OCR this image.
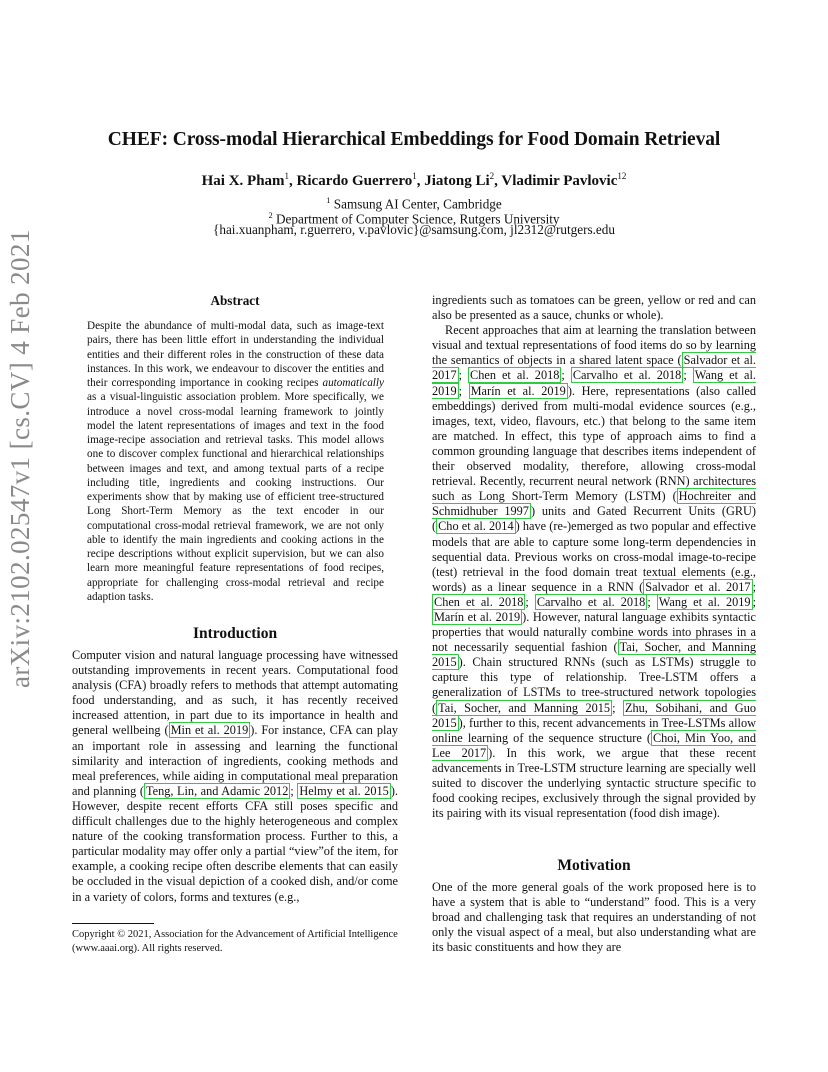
arXiv:2102.02547v1 [cs.CV] 4 Feb 2021
CHEF: Cross-modal Hierarchical Embeddings for Food Domain Retrieval
Hai X. Pham$^1$, Ricardo Guerrero$^1$, Jiatong Li$^2$, Vladimir Pavlovic$^{12}$
$^1$ Samsung AI Center, Cambridge
$^2$ Department of Computer Science, Rutgers University
{hai.xuanpham, r.guerrero, v.pavlovic}@samsung.com, jl2312@rutgers.edu
Abstract
Despite the abundance of multi-modal data, such as image-text pairs, there has been little effort in understanding the individual entities and their different roles in the construction of these data instances. In this work, we endeavour to discover the entities and their corresponding importance in cooking recipes automatically as a visual-linguistic association problem. More specifically, we introduce a novel cross-modal learning framework to jointly model the latent representations of images and text in the food image-recipe association and retrieval tasks. This model allows one to discover complex functional and hierarchical relationships between images and text, and among textual parts of a recipe including title, ingredients and cooking instructions. Our experiments show that by making use of efficient tree-structured Long Short-Term Memory as the text encoder in our computational cross-modal retrieval framework, we are not only able to identify the main ingredients and cooking actions in the recipe descriptions without explicit supervision, but we can also learn more meaningful feature representations of food recipes, appropriate for challenging cross-modal retrieval and recipe adaption tasks.
Introduction
Computer vision and natural language processing have witnessed outstanding improvements in recent years. Computational food analysis (CFA) broadly refers to methods that attempt automating food understanding, and as such, it has recently received increased attention, in part due to its importance in health and general wellbeing ( Min et al. 2019 ). For instance, CFA can play an important role in assessing and learning the functional similarity and interaction of ingredients, cooking methods and meal preferences, while aiding in computational meal preparation and planning ( Teng, Lin, and Adamic 2012 ; Helmy et al. 2015 ). However, despite recent efforts CFA still poses specific and difficult challenges due to the highly heterogeneous and complex nature of the cooking transformation process. Further to this, a particular modality may offer only a partial “view”of the item, for example, a cooking recipe often describe elements that can easily be occluded in the visual depiction of a cooked dish, and/or come in a variety of colors, forms and textures (e.g.,
Copyright © 2021, Association for the Advancement of Artificial Intelligence (www.aaai.org). All rights reserved.

ingredients such as tomatoes can be green, yellow or red and can also be presented as a sauce, chunks or whole).

Recent approaches that aim at learning the translation between visual and textual representations of food items do so by learning the semantics of objects in a shared latent space ( Salvador et al. 2017 ; Chen et al. 2018 ; Carvalho et al. 2018 ; Wang et al. 2019 ; Marín et al. 2019 ). Here, representations (also called embeddings) derived from multi-modal evidence sources (e.g., images, text, video, flavours, etc.) that belong to the same item are matched. In effect, this type of approach aims to find a common grounding language that describes items independent of their observed modality, therefore, allowing cross-modal retrieval. Recently, recurrent neural network (RNN) architectures such as Long Short-Term Memory (LSTM) ( Hochreiter and Schmidhuber 1997 ) units and Gated Recurrent Units (GRU) ( Cho et al. 2014 ) have (re-)emerged as two popular and effective models that are able to capture some long-term dependencies in sequential data. Previous works on cross-modal image-to-recipe (test) retrieval in the food domain treat textual elements (e.g., words) as a linear sequence in a RNN ( Salvador et al. 2017 ; Chen et al. 2018 ; Carvalho et al. 2018 ; Wang et al. 2019 ; Marín et al. 2019 ). However, natural language exhibits syntactic properties that would naturally combine words into phrases in a not necessarily sequential fashion ( Tai, Socher, and Manning 2015 ). Chain structured RNNs (such as LSTMs) struggle to capture this type of relationship. Tree-LSTM offers a generalization of LSTMs to tree-structured network topologies ( Tai, Socher, and Manning 2015 ; Zhu, Sobihani, and Guo 2015 ), further to this, recent advancements in Tree-LSTMs allow online learning of the sequence structure ( Choi, Min Yoo, and Lee 2017 ). In this work, we argue that these recent advancements in Tree-LSTM structure learning are specially well suited to discover the underlying syntactic structure specific to food cooking recipes, exclusively through the signal provided by its pairing with its visual representation (food dish image).

Motivation
One of the more general goals of the work proposed here is to have a system that is able to “understand” food. This is a very broad and challenging task that requires an understanding of not only the visual aspect of a meal, but also understanding what are its basic constituents and how they are
